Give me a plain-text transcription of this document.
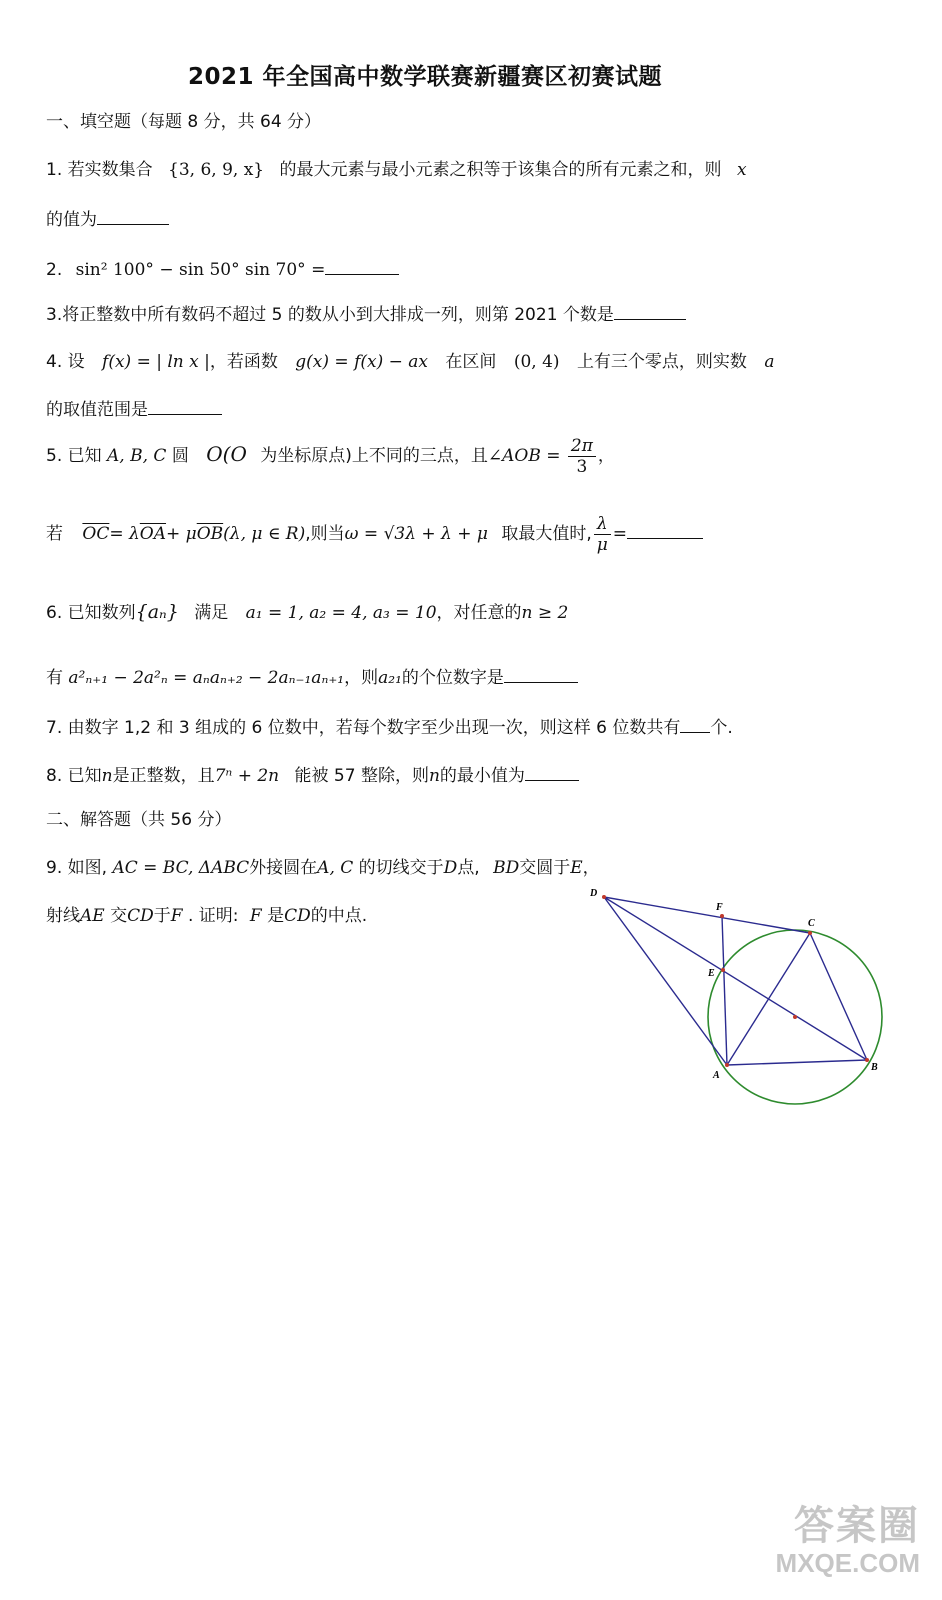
2021 年全国高中数学联赛新疆赛区初赛试题
一、填空题（每题 8 分，共 64 分）
1. 若实数集合 {3, 6, 9, x} 的最大元素与最小元素之积等于该集合的所有元素之和，则 x
的值为
2. sin² 100° − sin 50° sin 70° =
3.将正整数中所有数码不超过 5 的数从小到大排成一列，则第 2021 个数是
4. 设 f(x) = | ln x |，若函数 g(x) = f(x) − ax 在区间 (0, 4) 上有三个零点，则实数 a
的取值范围是
5. 已知 A, B, C 圆 O(O 为坐标原点)上不同的三点，且∠AOB = $\frac{2\pi}{3}$ ，
若 $\overline{OC}= \lambda\overline{OA}+ \mu\overline{OB}(\lambda$, μ ∈ R),则当ω = √3λ + λ + μ 取最大值时, $\frac{\lambda}{\mu}$ =
6. 已知数列{aₙ} 满足 a₁ = 1, a₂ = 4, a₃ = 10，对任意的n ≥ 2
有 a²ₙ₊₁ − 2a²ₙ = aₙaₙ₊₂ − 2aₙ₋₁aₙ₊₁，则a₂₁的个位数字是
7. 由数字 1,2 和 3 组成的 6 位数中，若每个数字至少出现一次，则这样 6 位数共有 个.
8. 已知n是正整数，且7ⁿ + 2n 能被 57 整除，则n的最小值为
二、解答题（共 56 分）
9. 如图, AC = BC, ΔABC外接圆在A, C 的切线交于D点, BD交圆于E，
射线AE 交CD于F . 证明: F 是CD的中点.
D
F
C
E
A
B
答案圈
MXQE.COM
